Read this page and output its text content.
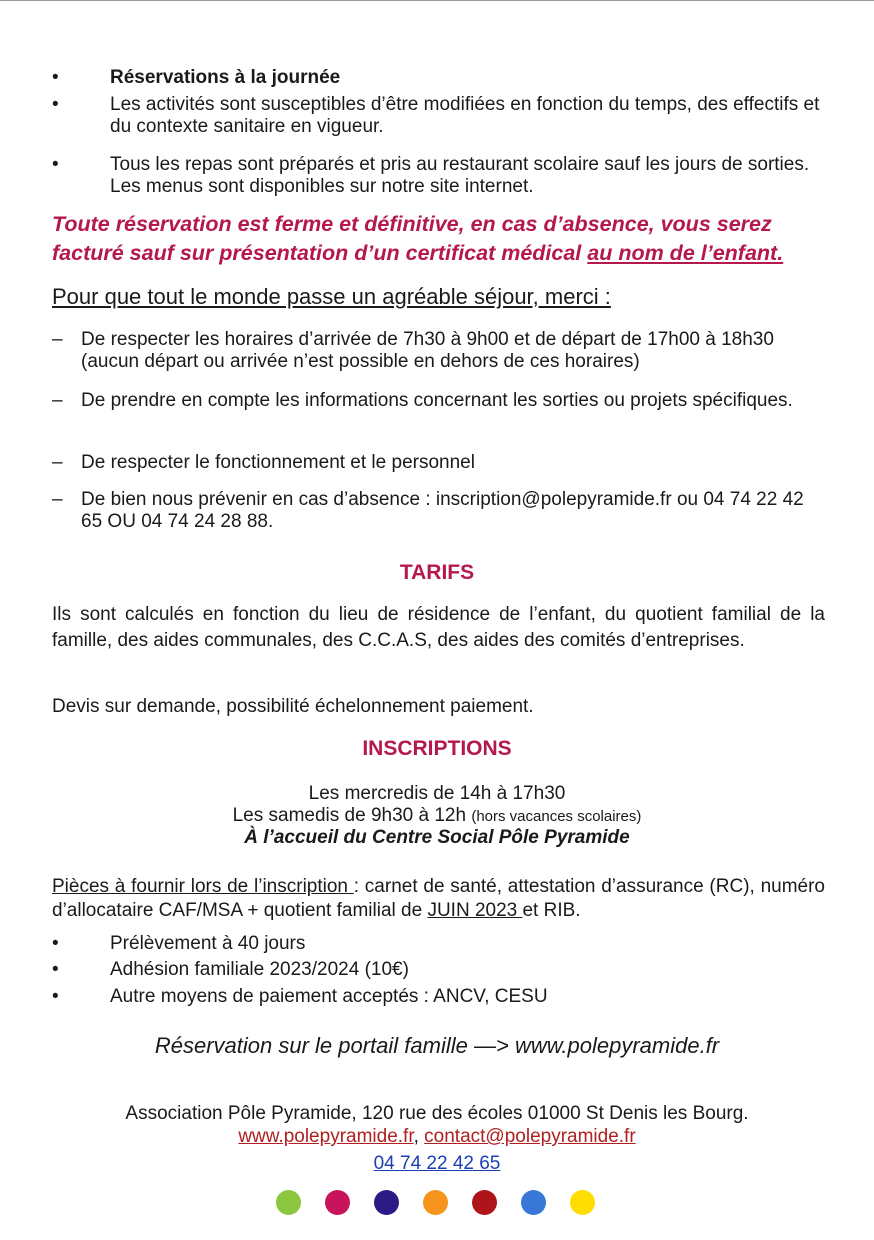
•	Réservations à la journée
•	Les activités sont susceptibles d’être modifiées en fonction du temps, des effectifs et du contexte sanitaire en vigueur.
•	Tous les repas sont préparés et pris au restaurant scolaire sauf les jours de sorties. Les menus sont disponibles sur notre site internet.
Toute réservation est ferme et définitive, en cas d’absence, vous serez facturé sauf sur présentation d’un certificat médical au nom de l’enfant.
Pour que tout le monde passe un agréable séjour, merci :
– De respecter les horaires d’arrivée de 7h30 à 9h00 et de départ de 17h00 à 18h30 (aucun départ ou arrivée n’est possible en dehors de ces horaires)
– De prendre en compte les informations concernant les sorties ou projets spécifiques.
– De respecter le fonctionnement et le personnel
– De bien nous prévenir en cas d’absence : inscription@polepyramide.fr ou 04 74 22 42 65 OU 04 74 24 28 88.
TARIFS
Ils sont calculés en fonction du lieu de résidence de l’enfant, du quotient familial de la famille, des aides communales, des C.C.A.S, des aides des comités d’entreprises.
Devis sur demande, possibilité échelonnement paiement.
INSCRIPTIONS
Les mercredis de 14h à 17h30
Les samedis de 9h30 à 12h (hors vacances scolaires)
À l’accueil du Centre Social Pôle Pyramide
Pièces à fournir lors de l’inscription : carnet de santé, attestation d’assurance (RC), numéro d’allocataire CAF/MSA + quotient familial de JUIN 2023 et RIB.
•	Prélèvement à 40 jours
•	Adhésion familiale 2023/2024 (10€)
•	Autre moyens de paiement acceptés : ANCV, CESU
Réservation sur le portail famille —> www.polepyramide.fr
Association Pôle Pyramide, 120 rue des écoles 01000 St Denis les Bourg.
www.polepyramide.fr, contact@polepyramide.fr
04 74 22 42 65
